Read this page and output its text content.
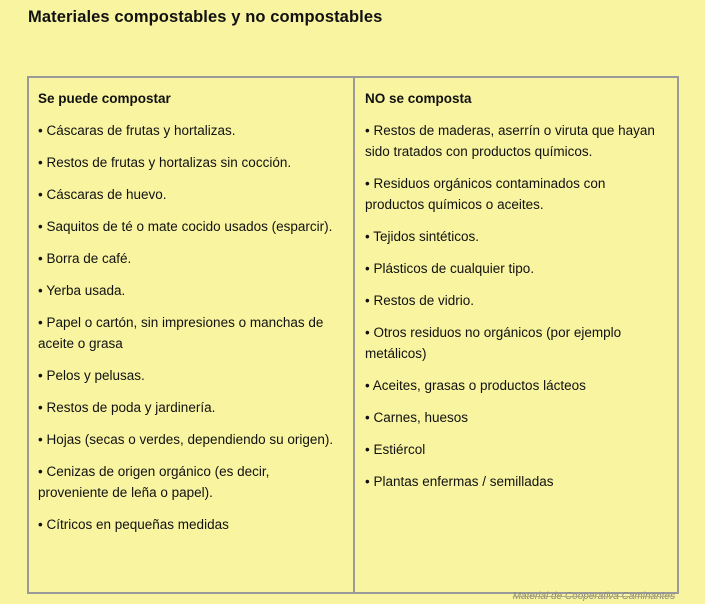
Materiales compostables y no compostables
Se puede compostar
• Cáscaras de frutas y hortalizas.
• Restos de frutas y hortalizas sin cocción.
• Cáscaras de huevo.
• Saquitos de té o mate cocido usados (esparcir).
• Borra de café.
• Yerba usada.
• Papel o cartón, sin impresiones o manchas de aceite o grasa
• Pelos y pelusas.
• Restos de poda y jardinería.
• Hojas (secas o verdes, dependiendo su origen).
• Cenizas de origen orgánico (es decir, proveniente de leña o papel).
• Cítricos en pequeñas medidas
NO se composta
• Restos de maderas, aserrín o viruta que hayan sido tratados con productos químicos.
• Residuos orgánicos contaminados con productos químicos o aceites.
• Tejidos sintéticos.
• Plásticos de cualquier tipo.
• Restos de vidrio.
• Otros residuos no orgánicos (por ejemplo metálicos)
• Aceites, grasas o productos lácteos
• Carnes, huesos
• Estiércol
• Plantas enfermas / semilladas
Material de Cooperativa Caminantes
